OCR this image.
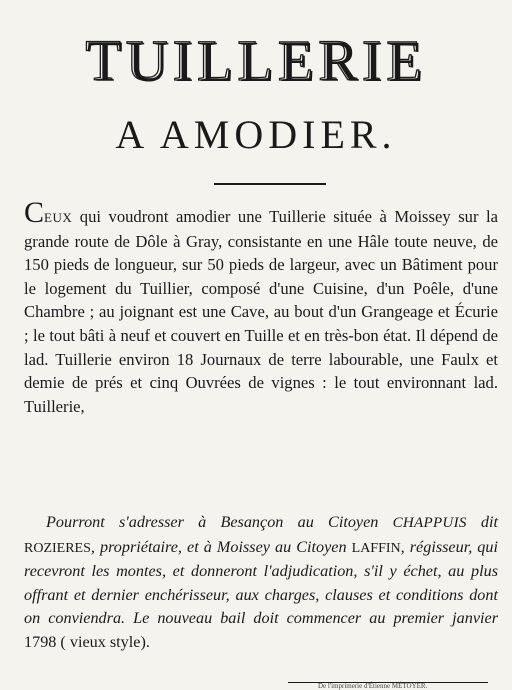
TUILLERIE
A AMODIER.

CEUX qui voudront amodier une Tuillerie située à Moissey sur la grande route de Dôle à Gray, consistante en une Hâle toute neuve, de 150 pieds de longueur, sur 50 pieds de largeur, avec un Bâtiment pour le logement du Tuillier, composé d'une Cuisine, d'un Poêle, d'une Chambre ; au joignant est une Cave, au bout d'un Grangeage et Écurie ; le tout bâti à neuf et couvert en Tuille et en très-bon état. Il dépend de lad. Tuillerie environ 18 Journaux de terre labourable, une Faulx et demie de prés et cinq Ouvrées de vignes : le tout environnant lad. Tuillerie,

Pourront s'adresser à Besançon au Citoyen CHAPPUIS dit ROZIERES, propriétaire, et à Moissey au Citoyen LAFFIN, régisseur, qui recevront les montes, et donneront l'adjudication, s'il y échet, au plus offrant et dernier enchérisseur, aux charges, clauses et conditions dont on conviendra. Le nouveau bail doit commencer au premier janvier 1798 ( vieux style).

De l'imprimerie d'Étienne MÉTOYER.
